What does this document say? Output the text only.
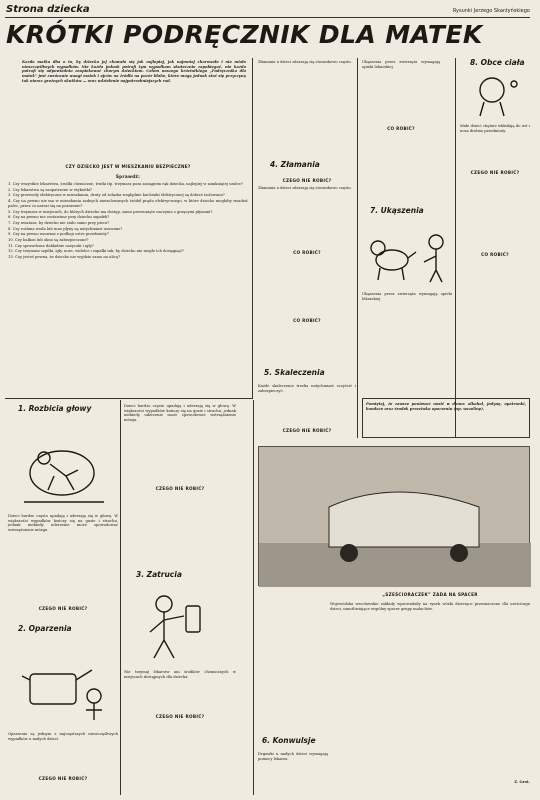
Strona dziecka	Rysunki Jerzego Skarżyńskiego
KRÓTKI PODRĘCZNIK DLA MATEK
Każda matka dba o to, by dziecko jej chowało się jak najlepiej, jak najmniej chorowało i nie miało nieszczęśliwych wypadków. Nie każda jednak potrafi tym wypadkom skutecznie zapobiegać, nie każda potrafi się odpowiednio zaopiekować chorym dzieckiem. Celem naszego króciutkiego „Podręcznika dla matek” jest zwrócenie uwagi matek i ojców na źródła na pozór błahe, które mogą jednak stać się przyczyną tak nieraz groźnych skutków — oraz udzielenie najpotrzebniejszych rad.
CZY DZIECKO JEST W MIESZKANIU BEZPIECZNE?
Sprawdź:

1. Czy wszystkie lekarstwa, środki chemiczne, trutki itp. trzymasz poza zasięgiem rąk dziecka, najlepiej w zamkniętej szafce?

2. Czy lekarstwa są zaopatrzone w etykietki?

3. Czy przewody elektryczne w mieszkaniu, druty od żelazka względnie kuchenki elektrycznej są dobrze izolowane?

4. Czy na pewno nie ma w mieszkaniu żadnych nieizolowanych źródeł prądu elektrycznego, w które dziecko mogłoby wsadzić palec, przez co narazi się na porażenie?

5. Czy trzymasz w miejscach, do których dziecko ma dostęp, samo przesunięte naczynia z gorącymi płynami?

6. Czy na pewno nie zostawiasz przy dziecku zapałek?

7. Czy uważasz, by dziecko nie stało samo przy piecu?

8. Czy rozlana woda lub inne płyny są natychmiast usuwane?

9. Czy na pewno usuwasz z podłogi ostre przedmioty?

10. Czy balkon lub okno są zabezpieczone?

11. Czy sprawdzasz dokładnie nożyczki i igły?

12. Czy trzymasz szpilki, igły, noże, widelce i zapałki tak, by dziecko nie mogło ich dosięgnąć?

13. Czy jesteś pewna, że dziecko nie wyjdzie samo na ulicę?

1. Rozbicia głowy
Dzieci bardzo często upadają i uderzają się w głowę. W większości wypadków kończy się na guzie i strachu, jednak niekiedy uderzenie może spowodować wstrząśnienie mózgu.
CZEGO NIE ROBIĆ?
2. Oparzenia
Oparzenia są jednym z najczęstszych nieszczęśliwych wypadków u małych dzieci.
CZEGO NIE ROBIĆ?
Dzieci bardzo często upadają i uderzają się w głowę. W większości wypadków kończy się na guzie i strachu, jednak niekiedy uderzenie może spowodować wstrząśnienie mózgu.
CZEGO NIE ROBIĆ?
3. Zatrucia
Nie trzymaj lekarstw ani środków chemicznych w miejscach dostępnych dla dziecka.
CZEGO NIE ROBIĆ?
Złamania u dzieci zdarzają się stosunkowo często.
4. Złamania
CZEGO NIE ROBIĆ?
Złamania u dzieci zdarzają się stosunkowo często.
CO ROBIĆ?
CO ROBIĆ?
5. Skaleczenia
Każde skaleczenie trzeba natychmiast oczyścić i zabezpieczyć.
CZEGO NIE ROBIĆ?
Ukąszenia przez zwierzęta wymagają opieki lekarskiej.
CO ROBIĆ?
7. Ukąszenia
Ukąszenia przez zwierzęta wymagają opieki lekarskiej.
8. Obce ciała
Małe dzieci chętnie wkładają do ust i nosa drobne przedmioty.
CZEGO NIE ROBIĆ?
CO ROBIĆ?
Pamiętaj, że zawsze ponieważ nosić w domu: alkohol, jodynę, opatrunki, bandaże oraz środek przeciwko oparzeniu (np. wazelinę).
„SZEŚCIORACZEK” ZADA NA SPACER
Wojewódzka wrocławskie zakłady wprowadziły na rynek wózki dziecięce przeznaczone dla sześciorga dzieci, umożliwiające wspólny spacer grupy maluchów.
Z. Grot.
6. Konwulsje
Drgawki u małych dzieci wymagają pomocy lekarza.
